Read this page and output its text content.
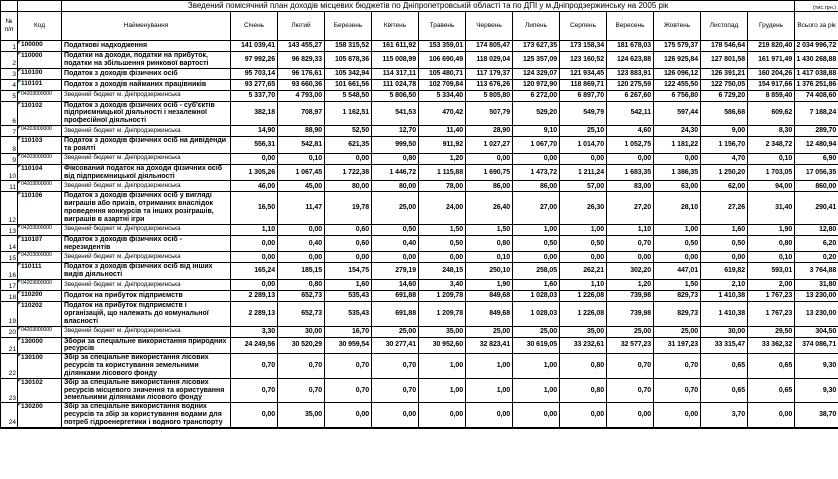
		Зведений помісячний план доходів місцевих бюджетів по Дніпропетровській області та по ДПІ у м.Дніпродзержинську на 2005 рік													(тис.грн.)
№ п/п	Код	Найменування	Січень	Лютий	Березень	Квітень	Травень	Червень	Липень	Серпень	Вересень	Жовтень	Листопад	Грудень	Всього за рік
1	100000	Податкові надходження	141 039,41	143 455,27	158 315,52	161 611,92	153 359,01	174 805,47	173 627,35	173 158,34	181 678,03	175 579,37	178 546,64	219 820,40	2 034 996,72
2	110000	Податки на доходи, податки на прибуток, податки на збільшення ринкової вартості	97 992,26	96 829,33	105 878,36	115 008,99	106 690,49	118 029,04	125 357,09	123 160,52	124 623,88	126 925,84	127 801,58	161 971,49	1 430 268,88
3	110100	Податок з доходів фізичних осіб	95 703,14	96 176,61	105 342,94	114 317,11	105 480,71	117 179,37	124 329,07	121 934,45	123 883,91	126 096,12	126 391,21	160 204,26	1 417 038,88
4	110101	Податок з доходів найманих працівників	93 277,65	93 660,36	101 661,56	111 024,78	102 709,84	113 676,26	120 972,90	118 869,71	120 275,59	122 455,50	122 750,05	154 917,66	1 376 251,86
5	04203000000	Зведений бюджет м. Дніпродзержинська	5 337,70	4 793,00	5 548,50	5 806,50	5 334,40	5 805,80	6 272,00	6 897,70	6 267,60	6 756,80	6 729,20	8 859,40	74 408,60
6	110102	Податок з доходів фізичних осіб - суб'єктів підприємницької діяльності і незалежної професійної діяльності	382,18	708,97	1 162,51	541,53	470,42	507,79	529,20	549,79	542,11	597,44	586,68	609,62	7 188,24
7	04203000000	Зведений бюджет м. Дніпродзержинська	14,90	88,90	52,50	12,70	11,40	28,90	9,10	25,10	4,60	24,30	9,00	8,30	289,70
8	110103	Податок з доходів фізичних осіб на дивіденди та роялті	556,31	542,81	621,35	999,50	911,92	1 027,27	1 067,70	1 014,70	1 052,75	1 181,22	1 156,70	2 348,72	12 480,94
9	04203000000	Зведений бюджет м. Дніпродзержинська	0,00	0,10	0,00	0,80	1,20	0,00	0,00	0,00	0,00	0,00	4,70	0,10	6,90
10	110104	Фіксований податок на доходи фізичних осіб від підприємницької діяльності	1 305,26	1 067,45	1 722,38	1 446,72	1 115,88	1 690,75	1 473,72	1 211,24	1 683,35	1 386,35	1 250,20	1 703,05	17 056,35
11	04203000000	Зведений бюджет м. Дніпродзержинська	46,00	45,00	80,00	80,00	78,00	86,00	86,00	57,00	83,00	63,00	62,00	94,00	860,00
12	110106	Податок з доходів фізичних осіб у вигляді виграшів або призів, отриманих внаслідок проведення конкурсів та інших розіграшів, виграшів в азартні ігри	16,50	11,47	19,78	25,00	24,00	26,40	27,00	26,30	27,20	28,10	27,26	31,40	290,41
13	04203000000	Зведений бюджет м. Дніпродзержинська	1,10	0,00	0,60	0,50	1,50	1,50	1,00	1,00	1,10	1,00	1,60	1,90	12,80
14	110107	Податок з доходів фізичних осіб - нерезидентів	0,00	0,40	0,60	0,40	0,50	0,80	0,50	0,50	0,70	0,50	0,50	0,80	6,20
15	04203000000	Зведений бюджет м. Дніпродзержинська	0,00	0,00	0,00	0,00	0,00	0,10	0,00	0,00	0,00	0,00	0,00	0,10	0,20
16	110111	Податок з доходів фізичних осіб від інших видів діяльності	165,24	185,15	154,75	279,19	248,15	250,10	258,05	262,21	302,20	447,01	619,82	593,01	3 764,88
17	04203000000	Зведений бюджет м. Дніпродзержинська	0,00	0,80	1,60	14,60	3,40	1,90	1,60	1,10	1,20	1,50	2,10	2,00	31,80
18	110200	Податок на прибуток підприємств	2 289,13	652,73	535,43	691,88	1 209,78	849,68	1 028,03	1 226,08	739,98	829,73	1 410,38	1 767,23	13 230,00
19	110202	Податок на прибуток підприємств і організацій, що належать до комунальної власності	2 289,13	652,73	535,43	691,88	1 209,78	849,68	1 028,03	1 226,08	739,98	829,73	1 410,38	1 767,23	13 230,00
20	04203000000	Зведений бюджет м. Дніпродзержинська	3,30	30,00	16,70	25,00	35,00	25,00	25,00	35,00	25,00	25,00	30,00	29,50	304,50
21	130000	Збори за спеціальне використання природних ресурсів	24 249,56	30 520,29	30 959,54	30 277,41	30 952,60	32 823,41	30 619,05	33 232,61	32 577,23	31 197,23	33 315,47	33 362,32	374 086,71
22	130100	Збір за спеціальне використання лісових ресурсів та користування земельними ділянками лісового фонду	0,70	0,70	0,70	0,70	1,00	1,00	1,00	0,80	0,70	0,70	0,65	0,65	9,30
23	130102	Збір за спеціальне використання лісових ресурсів місцевого значення та користування земельними ділянками лісового фонду	0,70	0,70	0,70	0,70	1,00	1,00	1,00	0,80	0,70	0,70	0,65	0,65	9,30
24	130200	Збір за спеціальне використання водних ресурсів та збір за користування водами для потреб гідроенергетики і водного транспорту	0,00	35,00	0,00	0,00	0,00	0,00	0,00	0,00	0,00	0,00	3,70	0,00	38,70
